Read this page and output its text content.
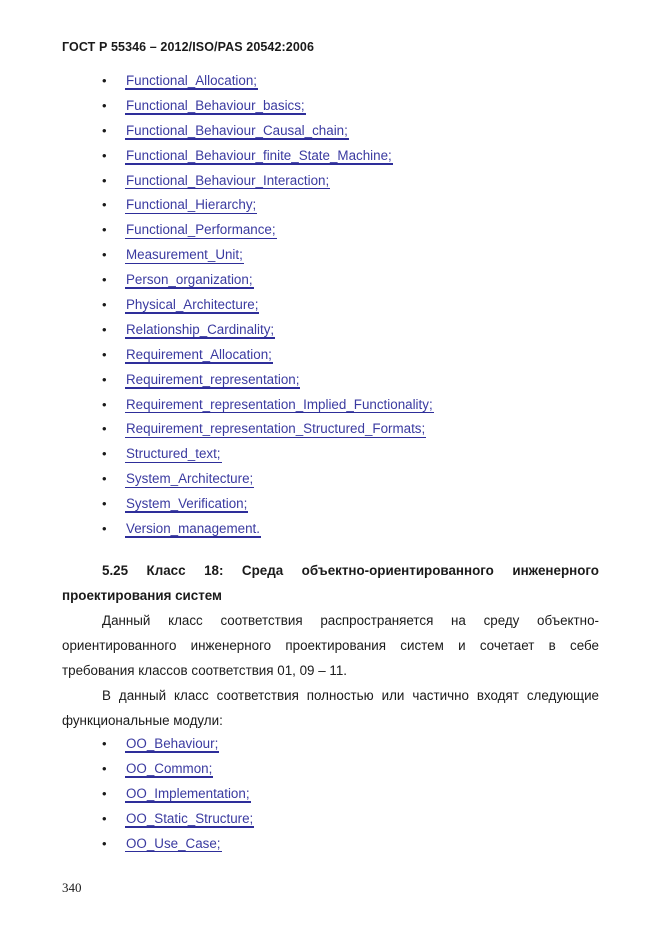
ГОСТ Р 55346 – 2012/ISO/PAS 20542:2006
• Functional_Allocation;
• Functional_Behaviour_basics;
• Functional_Behaviour_Causal_chain;
• Functional_Behaviour_finite_State_Machine;
• Functional_Behaviour_Interaction;
• Functional_Hierarchy;
• Functional_Performance;
• Measurement_Unit;
• Person_organization;
• Physical_Architecture;
• Relationship_Cardinality;
• Requirement_Allocation;
• Requirement_representation;
• Requirement_representation_Implied_Functionality;
• Requirement_representation_Structured_Formats;
• Structured_text;
• System_Architecture;
• System_Verification;
• Version_management.
5.25 Класс 18: Среда объектно-ориентированного инженерного проектирования систем
Данный класс соответствия распространяется на среду объектно-ориентированного инженерного проектирования систем и сочетает в себе требования классов соответствия 01, 09 – 11.
В данный класс соответствия полностью или частично входят следующие функциональные модули:
• OO_Behaviour;
• OO_Common;
• OO_Implementation;
• OO_Static_Structure;
• OO_Use_Case;
340
